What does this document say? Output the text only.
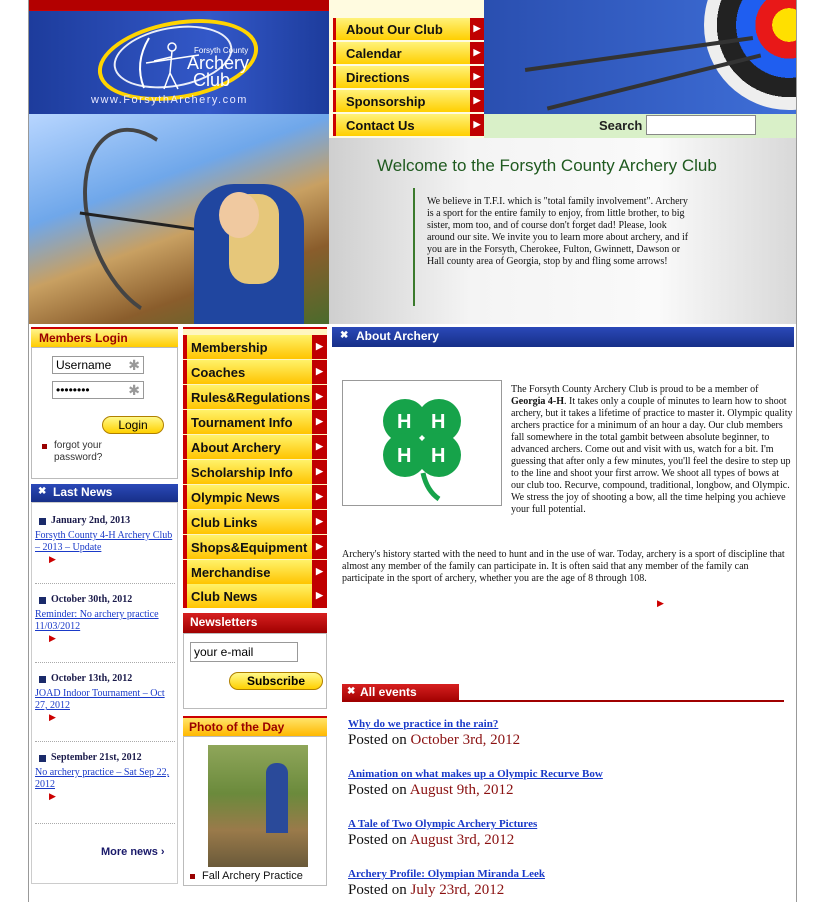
Forsyth County
Archery
Club
www.ForsythArchery.com
About Our Club	▶
Calendar	▶
Directions	▶
Sponsorship	▶
Contact Us	▶	Search
Welcome to the Forsyth County Archery Club
We believe in T.F.I. which is "total family involvement". Archery is a sport for the entire family to enjoy, from little brother, to big sister, mom too, and of course don't forget dad! Please, look around our site. We invite you to learn more about archery, and if you are in the Forsyth, Cherokee, Fulton, Gwinnett, Dawson or Hall county area of Georgia, stop by and fling some arrows!
Members Login
Username ✱
••••••••	✱
Login
forgot your password?
✖ Last News
January 2nd, 2013
Forsyth County 4-H Archery Club – 2013 – Update
▶
October 30th, 2012
Reminder: No archery practice 11/03/2012
▶
October 13th, 2012
JOAD Indoor Tournament – Oct 27, 2012
▶
September 21st, 2012
No archery practice – Sat Sep 22, 2012
▶
More news ›
Membership	▶
Coaches	▶
Rules&Regulations ▶
Tournament Info	▶
About Archery	▶
Scholarship Info	▶
Olympic News	▶
Club Links	▶
Shops&Equipment ▶
Merchandise	▶
Club News	▶
Newsletters
your e-mail
Subscribe
Photo of the Day
Fall Archery Practice
✖ About Archery
H H
H H
The Forsyth County Archery Club is proud to be a member of Georgia 4-H. It takes only a couple of minutes to learn how to shoot archery, but it takes a lifetime of practice to master it. Olympic quality archers practice for a minimum of an hour a day. Our club members fall somewhere in the total gambit between absolute beginner, to advanced archers. Come out and visit with us, watch for a bit. I'm guessing that after only a few minutes, you'll feel the desire to step up to the line and shoot your first arrow. We shoot all types of bows at our club too. Recurve, compound, traditional, longbow, and Olympic. We stress the joy of shooting a bow, all the time helping you achieve your full potential.
Archery's history started with the need to hunt and in the use of war. Today, archery is a sport of discipline that almost any member of the family can participate in. It is often said that any member of the family can participate in the sport of archery, whether you are the age of 8 through 108.
▶
✖ All events
Why do we practice in the rain?
Posted on October 3rd, 2012
Animation on what makes up a Olympic Recurve Bow
Posted on August 9th, 2012
A Tale of Two Olympic Archery Pictures
Posted on August 3rd, 2012
Archery Profile: Olympian Miranda Leek
Posted on July 23rd, 2012
